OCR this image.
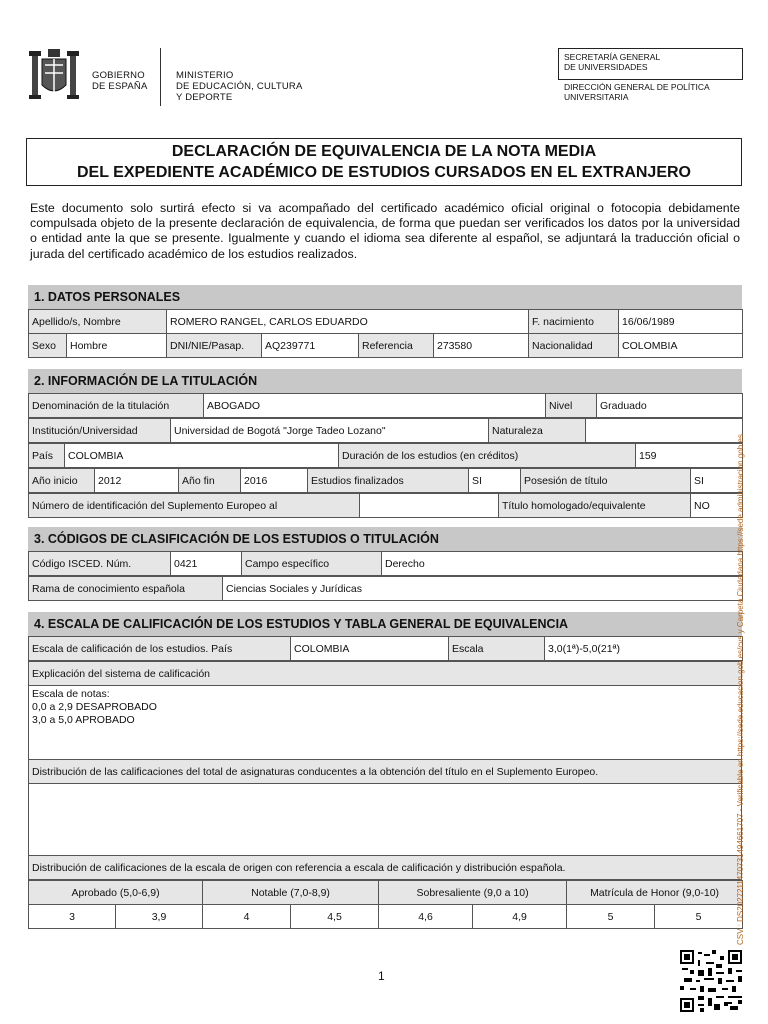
GOBIERNO
DE ESPAÑA
MINISTERIO
DE EDUCACIÓN, CULTURA
Y DEPORTE
SECRETARÍA GENERAL
DE UNIVERSIDADES
DIRECCIÓN GENERAL DE POLÍTICA
UNIVERSITARIA
DECLARACIÓN DE EQUIVALENCIA DE LA NOTA MEDIA
DEL EXPEDIENTE ACADÉMICO DE ESTUDIOS CURSADOS EN EL EXTRANJERO
Este documento solo surtirá efecto si va acompañado del certificado académico oficial original o fotocopia debidamente compulsada objeto de la presente declaración de equivalencia, de forma que puedan ser verificados los datos por la universidad o entidad ante la que se presente. Igualmente y cuando el idioma sea diferente al español, se adjuntará la traducción oficial o jurada del certificado académico de los estudios realizados.
1. DATOS PERSONALES
Apellido/s, Nombre		ROMERO RANGEL, CARLOS EDUARDO				F. nacimiento	16/06/1989
Sexo	Hombre	DNI/NIE/Pasap.	AQ239771	Referencia	273580	Nacionalidad	COLOMBIA
2. INFORMACIÓN DE LA TITULACIÓN
Denominación de la titulación	ABOGADO	Nivel	Graduado
Institución/Universidad	Universidad de Bogotá "Jorge Tadeo Lozano"	Naturaleza	
País	COLOMBIA	Duración de los estudios (en créditos)	159
Año inicio	2012	Año fin	2016	Estudios finalizados	SI	Posesión de título	SI
Número de identificación del Suplemento Europeo al		Título homologado/equivalente	NO
3. CÓDIGOS DE CLASIFICACIÓN DE LOS ESTUDIOS O TITULACIÓN
Código ISCED. Núm.	0421	Campo específico	Derecho
Rama de conocimiento española	Ciencias Sociales y Jurídicas
4. ESCALA DE CALIFICACIÓN DE LOS ESTUDIOS Y TABLA GENERAL DE EQUIVALENCIA
Escala de calificación de los estudios. País	COLOMBIA	Escala	3,0(1ª)-5,0(21ª)
Explicación del sistema de calificación

Escala de notas:
0,0 a 2,9 DESAPROBADO
3,0 a 5,0 APROBADO

Distribución de las calificaciones del total de asignaturas conducentes a la obtención del título en el Suplemento Europeo.

Distribución de calificaciones de la escala de origen con referencia a escala de calificación y distribución española.
Aprobado (5,0-6,9)		Notable (7,0-8,9)		Sobresaliente (9,0 a 10)		Matrícula de Honor (9,0-10)	
3	3,9	4	4,5	4,6	4,9	5	5	CSV : DS2027211470731494661707 - Verificable en https://sede.educacion.gob.es/cvs y Carpeta Ciudadana https://sede.administracion.gob.es
1
